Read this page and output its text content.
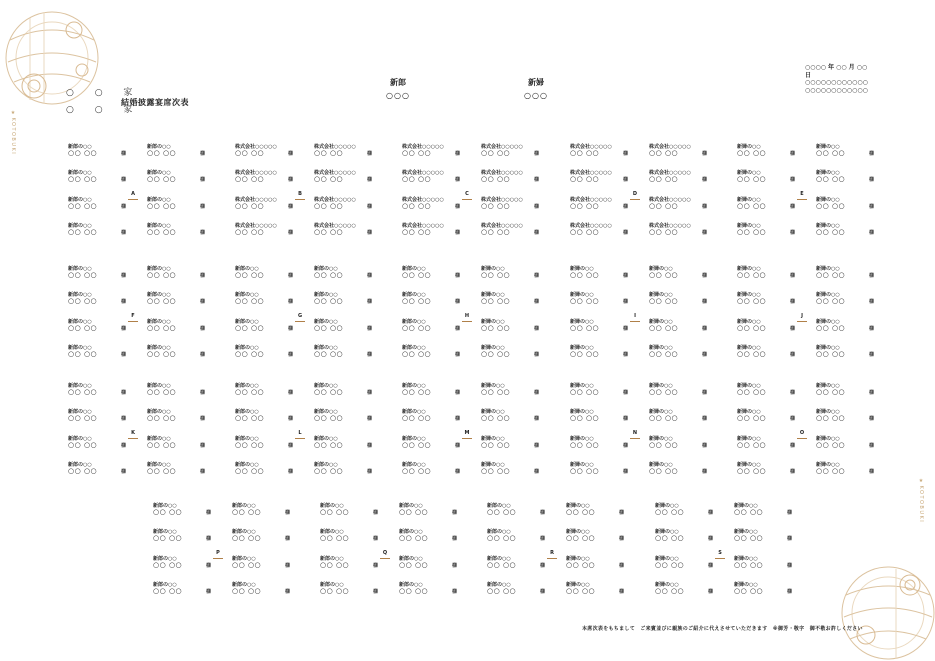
★KOTOBUKI
★KOTOBUKI
○ ○ 家
○ ○ 家
結婚披露宴席次表
新郎
○○○
新婦
○○○
○○○○ 年 ○○ 月 ○○ 日
○○○○○○○○○○○○
○○○○○○○○○○○○
新郎の○○
○○ ○○	様
新郎の○○
○○ ○○	様
新郎の○○
○○ ○○	様
新郎の○○
○○ ○○	様
新郎の○○
○○ ○○	様
新郎の○○
○○ ○○	様
新郎の○○
○○ ○○	様
新郎の○○
○○ ○○	様
A
株式会社○○○○○
○○ ○○	様
株式会社○○○○○
○○ ○○	様
株式会社○○○○○
○○ ○○	様
株式会社○○○○○
○○ ○○	様
株式会社○○○○○
○○ ○○	様
株式会社○○○○○
○○ ○○	様
株式会社○○○○○
○○ ○○	様
株式会社○○○○○
○○ ○○	様
B
株式会社○○○○○
○○ ○○	様
株式会社○○○○○
○○ ○○	様
株式会社○○○○○
○○ ○○	様
株式会社○○○○○
○○ ○○	様
株式会社○○○○○
○○ ○○	様
株式会社○○○○○
○○ ○○	様
株式会社○○○○○
○○ ○○	様
株式会社○○○○○
○○ ○○	様
C
株式会社○○○○○
○○ ○○	様
株式会社○○○○○
○○ ○○	様
株式会社○○○○○
○○ ○○	様
株式会社○○○○○
○○ ○○	様
株式会社○○○○○
○○ ○○	様
株式会社○○○○○
○○ ○○	様
株式会社○○○○○
○○ ○○	様
株式会社○○○○○
○○ ○○	様
D
新婦の○○
○○ ○○	様
新婦の○○
○○ ○○	様
新婦の○○
○○ ○○	様
新婦の○○
○○ ○○	様
新婦の○○
○○ ○○	様
新婦の○○
○○ ○○	様
新婦の○○
○○ ○○	様
新婦の○○
○○ ○○	様
E
新郎の○○
○○ ○○	様
新郎の○○
○○ ○○	様
新郎の○○
○○ ○○	様
新郎の○○
○○ ○○	様
新郎の○○
○○ ○○	様
新郎の○○
○○ ○○	様
新郎の○○
○○ ○○	様
新郎の○○
○○ ○○	様
F
新郎の○○
○○ ○○	様
新郎の○○
○○ ○○	様
新郎の○○
○○ ○○	様
新郎の○○
○○ ○○	様
新郎の○○
○○ ○○	様
新郎の○○
○○ ○○	様
新郎の○○
○○ ○○	様
新郎の○○
○○ ○○	様
G
新郎の○○
○○ ○○	様
新郎の○○
○○ ○○	様
新郎の○○
○○ ○○	様
新郎の○○
○○ ○○	様
新婦の○○
○○ ○○	様
新婦の○○
○○ ○○	様
新婦の○○
○○ ○○	様
新婦の○○
○○ ○○	様
H
新婦の○○
○○ ○○	様
新婦の○○
○○ ○○	様
新婦の○○
○○ ○○	様
新婦の○○
○○ ○○	様
新婦の○○
○○ ○○	様
新婦の○○
○○ ○○	様
新婦の○○
○○ ○○	様
新婦の○○
○○ ○○	様
I
新婦の○○
○○ ○○	様
新婦の○○
○○ ○○	様
新婦の○○
○○ ○○	様
新婦の○○
○○ ○○	様
新婦の○○
○○ ○○	様
新婦の○○
○○ ○○	様
新婦の○○
○○ ○○	様
新婦の○○
○○ ○○	様
J
新郎の○○
○○ ○○	様
新郎の○○
○○ ○○	様
新郎の○○
○○ ○○	様
新郎の○○
○○ ○○	様
新郎の○○
○○ ○○	様
新郎の○○
○○ ○○	様
新郎の○○
○○ ○○	様
新郎の○○
○○ ○○	様
K
新郎の○○
○○ ○○	様
新郎の○○
○○ ○○	様
新郎の○○
○○ ○○	様
新郎の○○
○○ ○○	様
新郎の○○
○○ ○○	様
新郎の○○
○○ ○○	様
新郎の○○
○○ ○○	様
新郎の○○
○○ ○○	様
L
新郎の○○
○○ ○○	様
新郎の○○
○○ ○○	様
新郎の○○
○○ ○○	様
新郎の○○
○○ ○○	様
新婦の○○
○○ ○○	様
新婦の○○
○○ ○○	様
新婦の○○
○○ ○○	様
新婦の○○
○○ ○○	様
M
新婦の○○
○○ ○○	様
新婦の○○
○○ ○○	様
新婦の○○
○○ ○○	様
新婦の○○
○○ ○○	様
新婦の○○
○○ ○○	様
新婦の○○
○○ ○○	様
新婦の○○
○○ ○○	様
新婦の○○
○○ ○○	様
N
新婦の○○
○○ ○○	様
新婦の○○
○○ ○○	様
新婦の○○
○○ ○○	様
新婦の○○
○○ ○○	様
新婦の○○
○○ ○○	様
新婦の○○
○○ ○○	様
新婦の○○
○○ ○○	様
新婦の○○
○○ ○○	様
O
新郎の○○
○○ ○○	様
新郎の○○
○○ ○○	様
新郎の○○
○○ ○○	様
新郎の○○
○○ ○○	様
新郎の○○
○○ ○○	様
新郎の○○
○○ ○○	様
新郎の○○
○○ ○○	様
新郎の○○
○○ ○○	様
P
新郎の○○
○○ ○○	様
新郎の○○
○○ ○○	様
新郎の○○
○○ ○○	様
新郎の○○
○○ ○○	様
新郎の○○
○○ ○○	様
新郎の○○
○○ ○○	様
新郎の○○
○○ ○○	様
新郎の○○
○○ ○○	様
Q
新郎の○○
○○ ○○	様
新郎の○○
○○ ○○	様
新郎の○○
○○ ○○	様
新郎の○○
○○ ○○	様
新婦の○○
○○ ○○	様
新婦の○○
○○ ○○	様
新婦の○○
○○ ○○	様
新婦の○○
○○ ○○	様
R
新婦の○○
○○ ○○	様
新婦の○○
○○ ○○	様
新婦の○○
○○ ○○	様
新婦の○○
○○ ○○	様
新婦の○○
○○ ○○	様
新婦の○○
○○ ○○	様
新婦の○○
○○ ○○	様
新婦の○○
○○ ○○	様
S
本席次表をもちまして　ご来賓並びに親族のご紹介に代えさせていただきます　※御芳・敬字　御不敬お許しください
